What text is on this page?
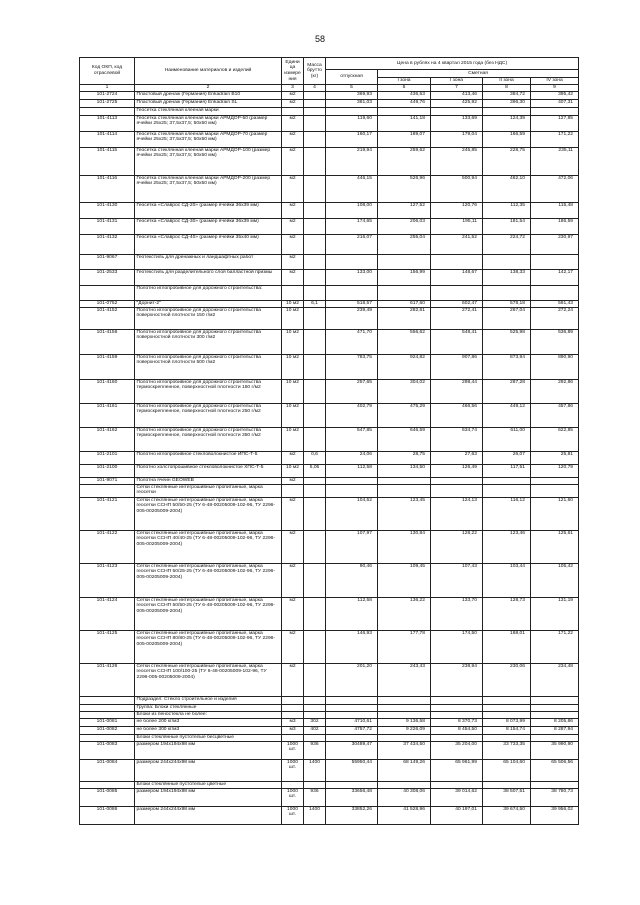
58
Код ОКП, код отраслевой	Наименование материалов и изделий	Едини ца измере ния	Масса брутто (кг)	Цена в рублях на 4 квартал 2015 года (без НДС)				
				отпускная	Сметная			
					I зона	I зона	II зона	IV зона
1	2	3	4	5	6	7	8	9
101-2724	Пластовый дренаж (Германия) Enkadrain B10	м2		369,93	436,53	413,46	384,72	395,42
101-2725	Пластовый дренаж (Германия) Enkadrain SL	м2		381,03	449,76	425,92	396,30	407,31
	Геосетка стеклянная клееная марки							
101-4113	Геосетка стеклянная клееная марки АРМДОР-50 (размер ячейки 25х25; 37,5х37,5; 50х50 мм)	м2		119,60	141,18	133,69	124,39	127,85
101-4114	Геосетка стеклянная клееная марки АРМДОР-70 (размер ячейки 25х25; 37,5х37,5; 50х50 мм)	м2		160,17	189,07	179,04	166,59	171,22
101-4115	Геосетка стеклянная клееная марки АРМДОР-100 (размер ячейки 25х25; 37,5х37,5; 50х50 мм)	м2		219,94	259,62	245,85	228,75	235,11
101-4116	Геосетка стеклянная клееная марки АРМДОР-200 (размер ячейки 25х25; 37,5х37,5; 50х50 мм)	м2		446,15	526,96	500,94	462,10	472,06
101-4130	Геосетка «Славрос СД-20» (размер ячейки 36х39 мм)	м2		108,00	127,52	120,76	112,35	115,48
101-4131	Геосетка «Славрос СД-30» (размер ячейки 36х39 мм)	м2		174,65	206,03	195,11	181,54	186,59
101-4132	Геосетка «Славрос СД-40» (размер ячейки 35х40 мм)	м2		216,07	255,04	241,52	224,72	230,97
101-9067	Геотекстиль для дренажных и ландшафтных работ	м2						
101-2533	Геотекстиль для разделительного слоя балластной призмы	м2		133,00	156,99	148,67	138,33	142,17
	Полотно иглопробивное для дорожного строительства:							
101-0752	"Дорнит-2"	10 м2	6,1	518,57	617,60	602,47	578,18	591,43
101-4152	Полотно иглопробивное для дорожного строительства поверхностной плотности 150 г/м2	10 м2		239,49	282,61	272,41	267,04	272,24
101-4156	Полотно иглопробивное для дорожного строительства поверхностной плотности 300 г/м2	10 м2		471,70	556,62	548,41	525,98	536,89
101-4159	Полотно иглопробивное для дорожного строительства поверхностной плотности 500 г/м2	10 м2		783,75	924,82	907,86	873,94	890,90
101-4160	Полотно иглопробивное для дорожного строительства термоскрепленное, поверхностной плотности 150 г/м2	10 м2		257,65	304,02	298,44	287,28	292,86
101-4161	Полотно иглопробивное для дорожного строительства термоскрепленное, поверхностной плотности 250 г/м2	10 м2		402,79	475,29	466,56	449,12	457,86
101-4162	Полотно иглопробивное для дорожного строительства термоскрепленное, поверхностной плотности 350 г/м2	10 м2		547,85	646,59	634,74	611,00	622,85
101-2101	Полотно иглопробивное стекловолокнистое ИПС-Т-5	м2	0,6	24,06	28,75	27,63	26,07	25,81
101-2100	Полотно холстопрошивное стекловолокнистое ХПС-Т-5	10 м2	5,05	112,58	134,50	126,49	117,51	120,79
101-9071	Полотна ячеин GEOWEB	м2						
	Сетки стеклянные интегрошивные пропитанные, марка геосетки							
101-4121	Сетки стеклянные интегрошивные пропитанные, марка геосетки ССНП 50/50-25 (ТУ 6-48-00205009-102-96, ТУ 2296-005-00205009-2004)	м2		104,52	123,45	124,13	116,12	121,60
101-4122	Сетки стеклянные интегрошивные пропитанные, марка геосетки ССНП 40/40-25 (ТУ 6-48-00205009-102-96, ТУ 2296-005-00205009-2004)	м2		107,97	130,84	128,22	123,46	125,61
101-4123	Сетки стеклянные интегрошивные пропитанные, марка геосетки ССНП 50/25-25 (ТУ 6-48-00205009-102-96, ТУ 2296-005-00205009-2004)	м2		90,46	109,45	107,43	103,44	105,42
101-4124	Сетки стеклянные интегрошивные пропитанные, марка геосетки ССНП 50/50-25 (ТУ 6-48-00205009-102-96, ТУ 2296-005-00205009-2004)	м2		112,58	136,22	133,70	128,73	131,19
101-4125	Сетки стеклянные интегрошивные пропитанные, марка геосетки ССНП 80/80-25 (ТУ 6-48-00205009-102-96, ТУ 2296-005-00205009-2004)	м2		146,93	177,78	174,50	168,01	171,22
101-4126	Сетки стеклянные интегрошивные пропитанные, марка геосетки ССНП 100/100-25 (ТУ 6-48-00205009-102-96, ТУ 2296-005-00205009-2004)	м2		201,20	243,43	238,94	230,06	234,48
	Подраздел: Стекло строительное и изделия							
	Группа: Блоки стеклянные							
	Блоки из пеностекла не более:							
101-0081	не более 200 кг/м3	м3	302	4710,61	9 136,58	8 370,73	8 073,99	8 205,86
101-0082	не более 300 кг/м3	м3	402	4757,72	9 226,09	8 454,50	8 154,74	8 287,94
	Блоки стеклянные пустотелые бесцветные							
101-0083	размером 194х194х98 мм	1000 шт.	936	30489,47	37 434,50	35 204,00	33 733,35	35 990,90
101-0084	размером 244х244х98 мм	1000 шт.	1400	55950,44	68 149,26	65 961,99	65 104,60	65 506,56
	Блоки стеклянные пустотелые цветные							
101-0085	размером 194х194х98 мм	1000 шт.	936	33656,48	40 308,06	39 014,62	38 507,51	38 780,73
101-0086	размером 244х244х98 мм	1000 шт.	1400	33852,26	41 528,96	40 197,01	39 674,50	39 956,02
